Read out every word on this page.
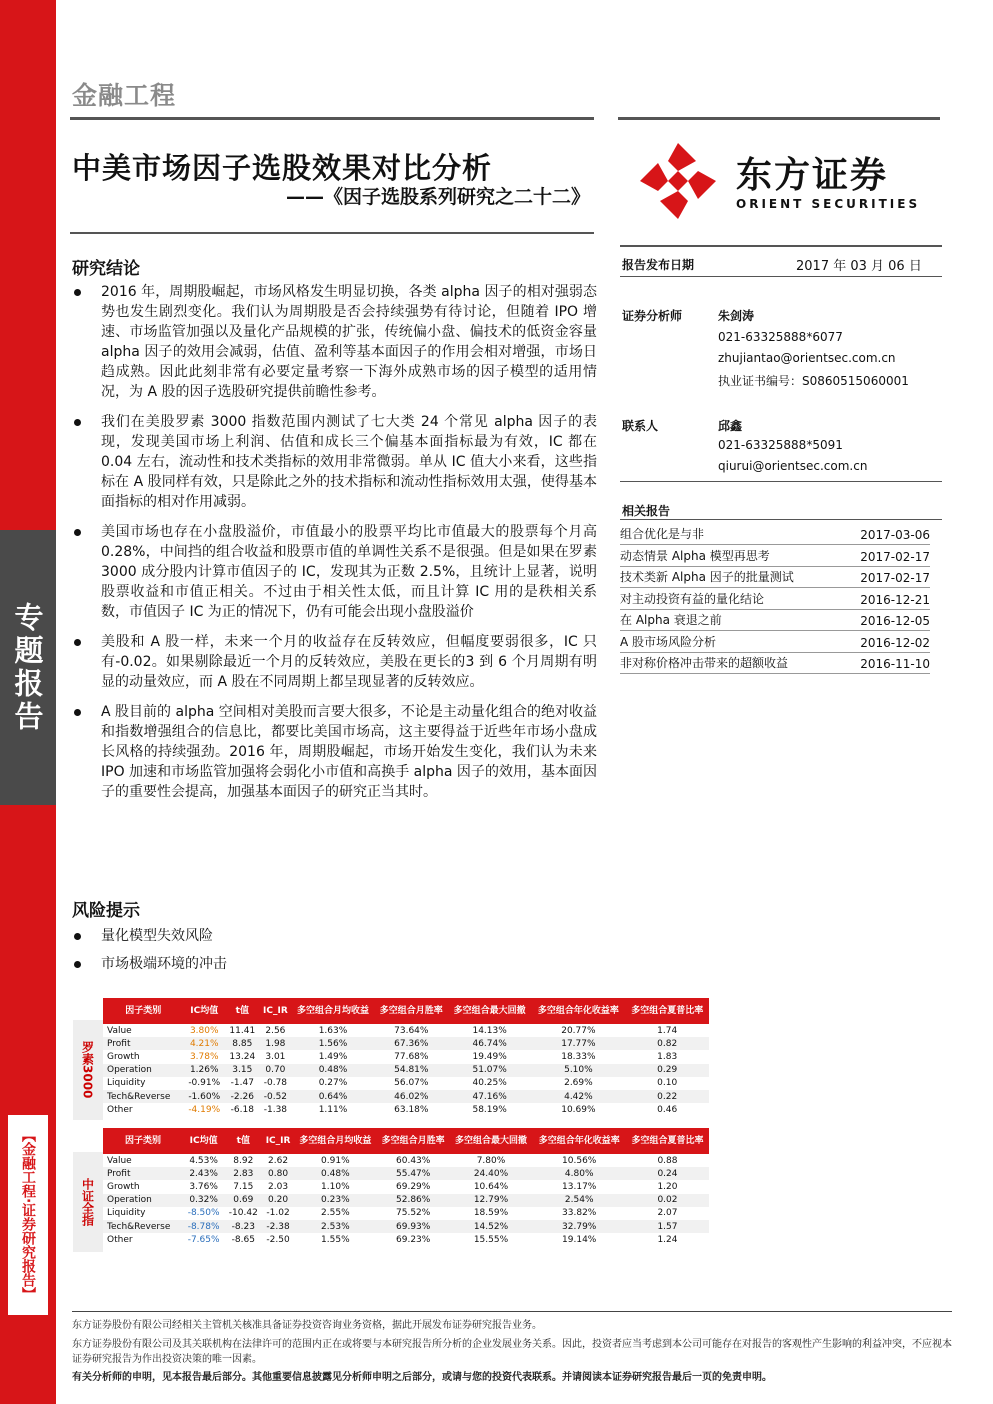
专题报告
【金融工程·证券研究报告】
金融工程
中美市场因子选股效果对比分析
——《因子选股系列研究之二十二》
东方证券
ORIENT SECURITIES
研究结论
2016 年，周期股崛起，市场风格发生明显切换，各类 alpha 因子的相对强弱态势也发生剧烈变化。我们认为周期股是否会持续强势有待讨论，但随着 IPO 增速、市场监管加强以及量化产品规模的扩张，传统偏小盘、偏技术的低资金容量 alpha 因子的效用会减弱，估值、盈利等基本面因子的作用会相对增强，市场日趋成熟。因此此刻非常有必要定量考察一下海外成熟市场的因子模型的适用情况，为 A 股的因子选股研究提供前瞻性参考。
我们在美股罗素 3000 指数范围内测试了七大类 24 个常见 alpha 因子的表现，发现美国市场上利润、估值和成长三个偏基本面指标最为有效，IC 都在 0.04 左右，流动性和技术类指标的效用非常微弱。单从 IC 值大小来看，这些指标在 A 股同样有效，只是除此之外的技术指标和流动性指标效用太强，使得基本面指标的相对作用减弱。
美国市场也存在小盘股溢价，市值最小的股票平均比市值最大的股票每个月高 0.28%，中间挡的组合收益和股票市值的单调性关系不是很强。但是如果在罗素 3000 成分股内计算市值因子的 IC，发现其为正数 2.5%，且统计上显著，说明股票收益和市值正相关。不过由于相关性太低，而且计算 IC 用的是秩相关系数，市值因子 IC 为正的情况下，仍有可能会出现小盘股溢价
美股和 A 股一样，未来一个月的收益存在反转效应，但幅度要弱很多，IC 只有-0.02。如果剔除最近一个月的反转效应，美股在更长的3 到 6 个月周期有明显的动量效应，而 A 股在不同周期上都呈现显著的反转效应。
A 股目前的 alpha 空间相对美股而言要大很多，不论是主动量化组合的绝对收益和指数增强组合的信息比，都要比美国市场高，这主要得益于近些年市场小盘成长风格的持续强劲。2016 年，周期股崛起，市场开始发生变化，我们认为未来 IPO 加速和市场监管加强将会弱化小市值和高换手 alpha 因子的效用，基本面因子的重要性会提高，加强基本面因子的研究正当其时。
风险提示
量化模型失效风险
市场极端环境的冲击
报告发布日期	2017 年 03 月 06 日
证券分析师	朱剑涛
021-63325888*6077
zhujiantao@orientsec.com.cn
执业证书编号：S0860515060001
联系人	邱鑫
021-63325888*5091
qiurui@orientsec.com.cn
相关报告
组合优化是与非	2017-03-06
动态情景 Alpha 模型再思考	2017-02-17
技术类新 Alpha 因子的批量测试	2017-02-17
对主动投资有益的量化结论	2016-12-21
在 Alpha 衰退之前	2016-12-05
A 股市场风险分析	2016-12-02
非对称价格冲击带来的超额收益	2016-11-10
罗素3000
因子类别	IC均值	t值	IC_IR	多空组合月均收益	多空组合月胜率	多空组合最大回撤	多空组合年化收益率	多空组合夏普比率
Value	3.80%	11.41	2.56	1.63%	73.64%	14.13%	20.77%	1.74
Profit	4.21%	8.85	1.98	1.56%	67.36%	46.74%	17.77%	0.82
Growth	3.78%	13.24	3.01	1.49%	77.68%	19.49%	18.33%	1.83
Operation	1.26%	3.15	0.70	0.48%	54.81%	51.07%	5.10%	0.29
Liquidity	-0.91%	-1.47	-0.78	0.27%	56.07%	40.25%	2.69%	0.10
Tech&Reverse	-1.60%	-2.26	-0.52	0.64%	46.02%	47.16%	4.42%	0.22
Other	-4.19%	-6.18	-1.38	1.11%	63.18%	58.19%	10.69%	0.46
中证全指
因子类别	IC均值	t值	IC_IR	多空组合月均收益	多空组合月胜率	多空组合最大回撤	多空组合年化收益率	多空组合夏普比率
Value	4.53%	8.92	2.62	0.91%	60.43%	7.80%	10.56%	0.88
Profit	2.43%	2.83	0.80	0.48%	55.47%	24.40%	4.80%	0.24
Growth	3.76%	7.15	2.03	1.10%	69.29%	10.64%	13.17%	1.20
Operation	0.32%	0.69	0.20	0.23%	52.86%	12.79%	2.54%	0.02
Liquidity	-8.50%	-10.42	-1.02	2.55%	75.52%	18.59%	33.82%	2.07
Tech&Reverse	-8.78%	-8.23	-2.38	2.53%	69.93%	14.52%	32.79%	1.57
Other	-7.65%	-8.65	-2.50	1.55%	69.23%	15.55%	19.14%	1.24
东方证券股份有限公司经相关主管机关核准具备证券投资咨询业务资格，据此开展发布证券研究报告业务。
东方证券股份有限公司及其关联机构在法律许可的范围内正在或将要与本研究报告所分析的企业发展业务关系。因此，投资者应当考虑到本公司可能存在对报告的客观性产生影响的利益冲突，不应视本证券研究报告为作出投资决策的唯一因素。
有关分析师的申明，见本报告最后部分。其他重要信息披露见分析师申明之后部分，或请与您的投资代表联系。并请阅读本证券研究报告最后一页的免责申明。
